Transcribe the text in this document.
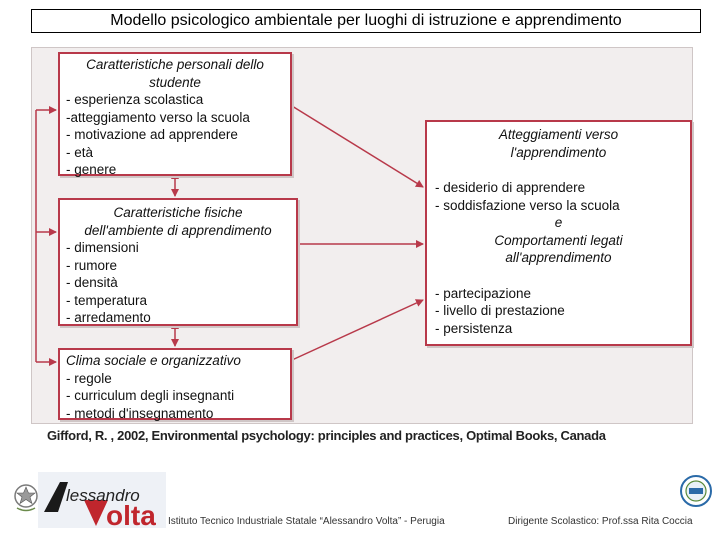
Modello psicologico ambientale per luoghi di istruzione e apprendimento
Caratteristiche personali dello
studente
- esperienza scolastica
-atteggiamento verso la scuola
- motivazione ad apprendere
- età
- genere
Caratteristiche fisiche
dell'ambiente di apprendimento
- dimensioni
- rumore
- densità
- temperatura
- arredamento
Clima sociale e organizzativo
- regole
- curriculum degli insegnanti
- metodi d'insegnamento
Atteggiamenti verso
l'apprendimento
- desiderio di apprendere
- soddisfazione verso la scuola
e
Comportamenti legati
all'apprendimento
- partecipazione
- livello di prestazione
- persistenza
Gifford, R. , 2002, Environmental psychology: principles and practices, Optimal Books, Canada
lessandro
olta Istituto Tecnico Industriale Statale “Alessandro Volta” - Perugia	Dirigente Scolastico: Prof.ssa Rita Coccia
